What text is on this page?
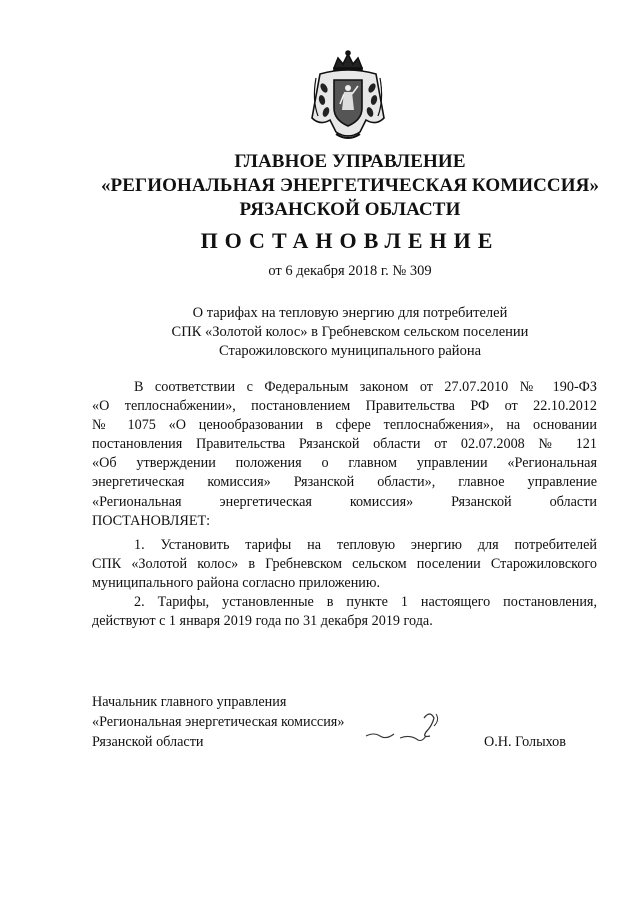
ГЛАВНОЕ УПРАВЛЕНИЕ
«РЕГИОНАЛЬНАЯ ЭНЕРГЕТИЧЕСКАЯ КОМИССИЯ»
РЯЗАНСКОЙ ОБЛАСТИ
ПОСТАНОВЛЕНИЕ
от 6 декабря 2018 г. № 309
О тарифах на тепловую энергию для потребителей
СПК «Золотой колос» в Гребневском сельском поселении
Старожиловского муниципального района
В соответствии с Федеральным законом от 27.07.2010 № 190-ФЗ
«О теплоснабжении», постановлением Правительства РФ от 22.10.2012
№ 1075 «О ценообразовании в сфере теплоснабжения», на основании
постановления Правительства Рязанской области от 02.07.2008 № 121
«Об утверждении положения о главном управлении «Региональная
энергетическая комиссия» Рязанской области», главное управление
«Региональная энергетическая комиссия» Рязанской области
ПОСТАНОВЛЯЕТ:
1. Установить тарифы на тепловую энергию для потребителей
СПК «Золотой колос» в Гребневском сельском поселении Старожиловского
муниципального района согласно приложению.
2. Тарифы, установленные в пункте 1 настоящего постановления,
действуют с 1 января 2019 года по 31 декабря 2019 года.
Начальник главного управления
«Региональная энергетическая комиссия»
Рязанской области	О.Н. Голыхов
